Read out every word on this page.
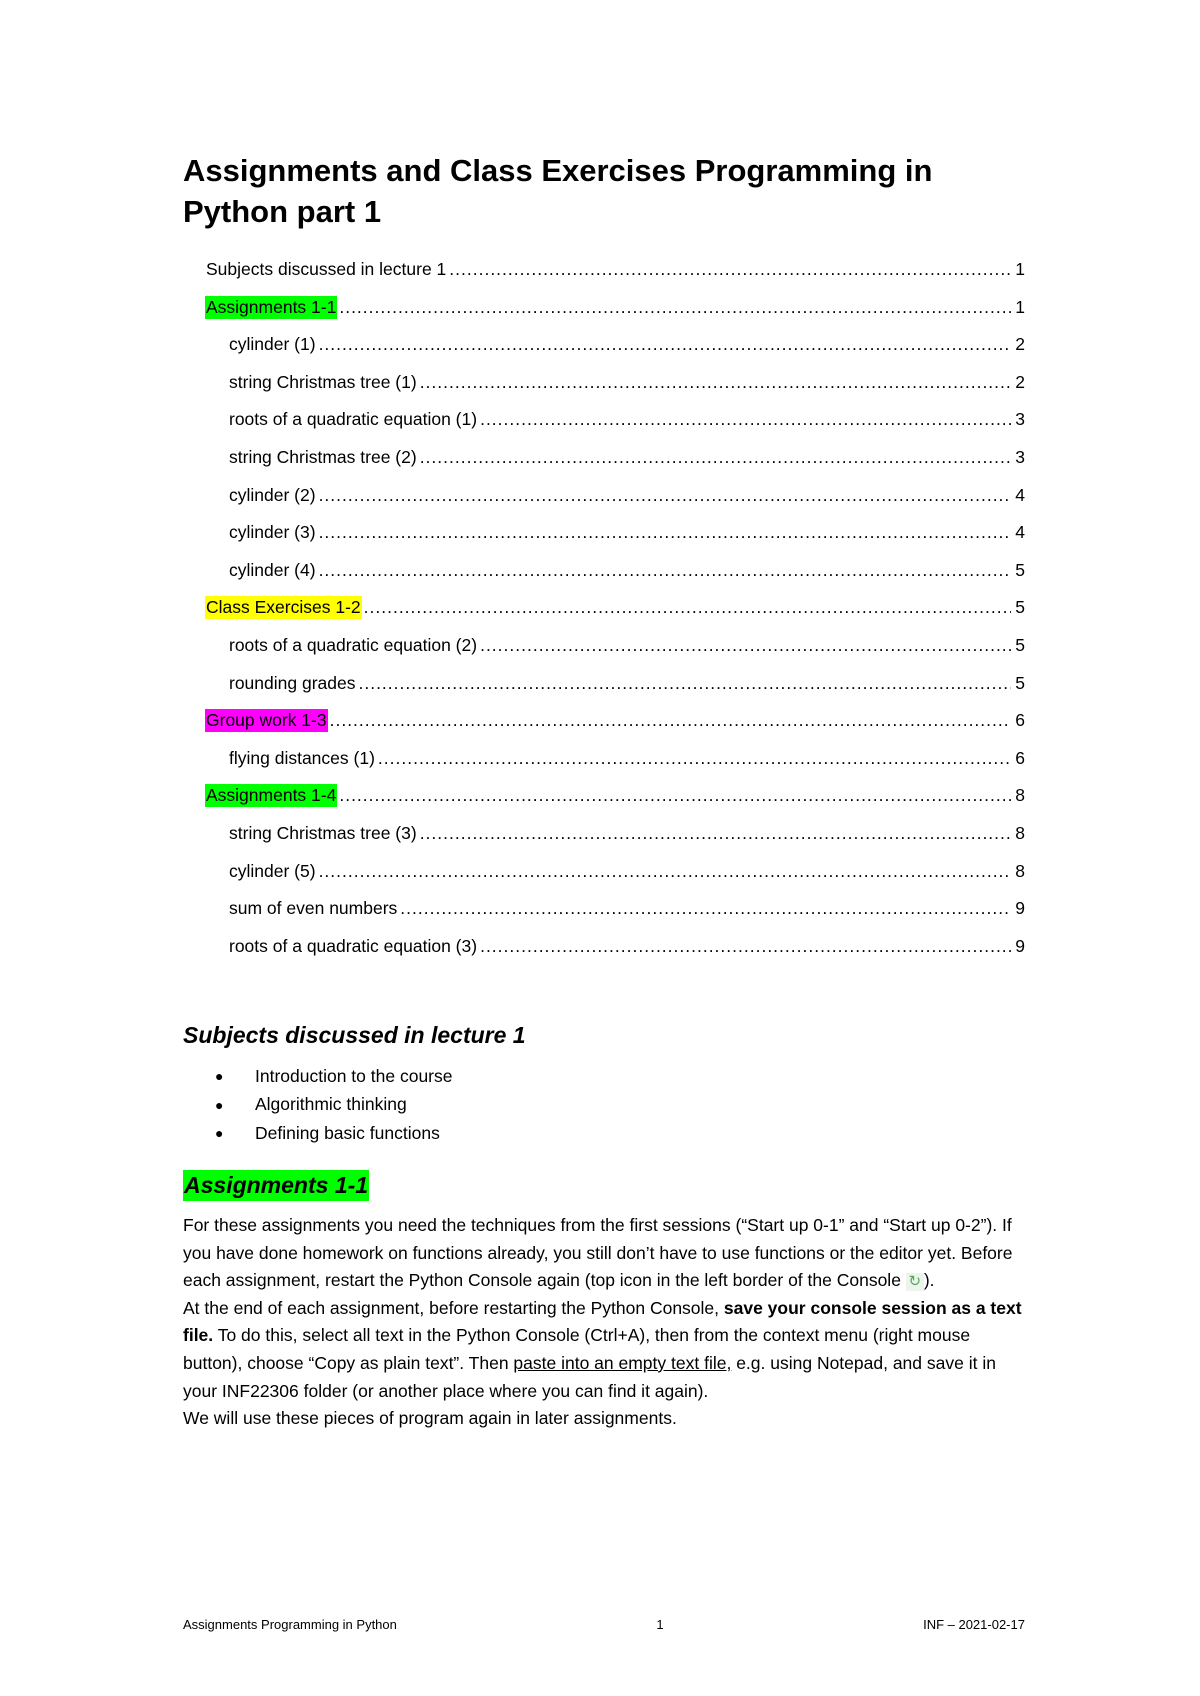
Assignments and Class Exercises Programming in Python part 1
Subjects discussed in lecture 1 .....	1
Assignments 1-1 .....	1
cylinder (1) .....	2
string Christmas tree (1) .....	2
roots of a quadratic equation (1) .....	3
string Christmas tree (2) .....	3
cylinder (2) .....	4
cylinder (3) .....	4
cylinder (4) .....	5
Class Exercises 1-2 .....	5
roots of a quadratic equation (2) .....	5
rounding grades .....	5
Group work 1-3 .....	6
flying distances (1) .....	6
Assignments 1-4 .....	8
string Christmas tree (3) .....	8
cylinder (5) .....	8
sum of even numbers .....	9
roots of a quadratic equation (3) .....	9
Subjects discussed in lecture 1
●	Introduction to the course
●	Algorithmic thinking
●	Defining basic functions
Assignments 1-1

For these assignments you need the techniques from the first sessions (“Start up 0-1” and “Start up 0-2”). If you have done homework on functions already, you still don’t have to use functions or the editor yet. Before each assignment, restart the Python Console again (top icon in the left border of the Console ↻ ).

At the end of each assignment, before restarting the Python Console, save your console session as a text file. To do this, select all text in the Python Console (Ctrl+A), then from the context menu (right mouse button), choose “Copy as plain text”. Then paste into an empty text file, e.g. using Notepad, and save it in your INF22306 folder (or another place where you can find it again).

We will use these pieces of program again in later assignments.

Assignments Programming in Python	1	INF – 2021-02-17
